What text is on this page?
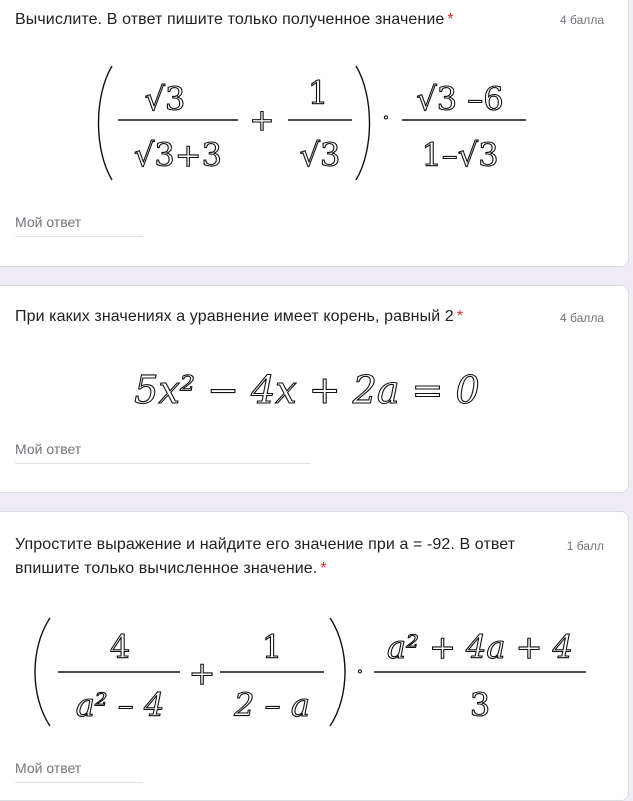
Вычислите. В ответ пишите только полученное значение *	4 балла
√3
√3+3
+
1
√3
· √3 –6
1–√3
Мой ответ
При каких значениях а уравнение имеет корень, равный 2 *	4 балла
5x² − 4x + 2a = 0
Мой ответ
Упростите выражение и найдите его значение при а = -92. В ответ
впишите только вычисленное значение. *
1 балл
4
a² – 4
+
1
2 – a
·
a² + 4a + 4
3
Мой ответ
